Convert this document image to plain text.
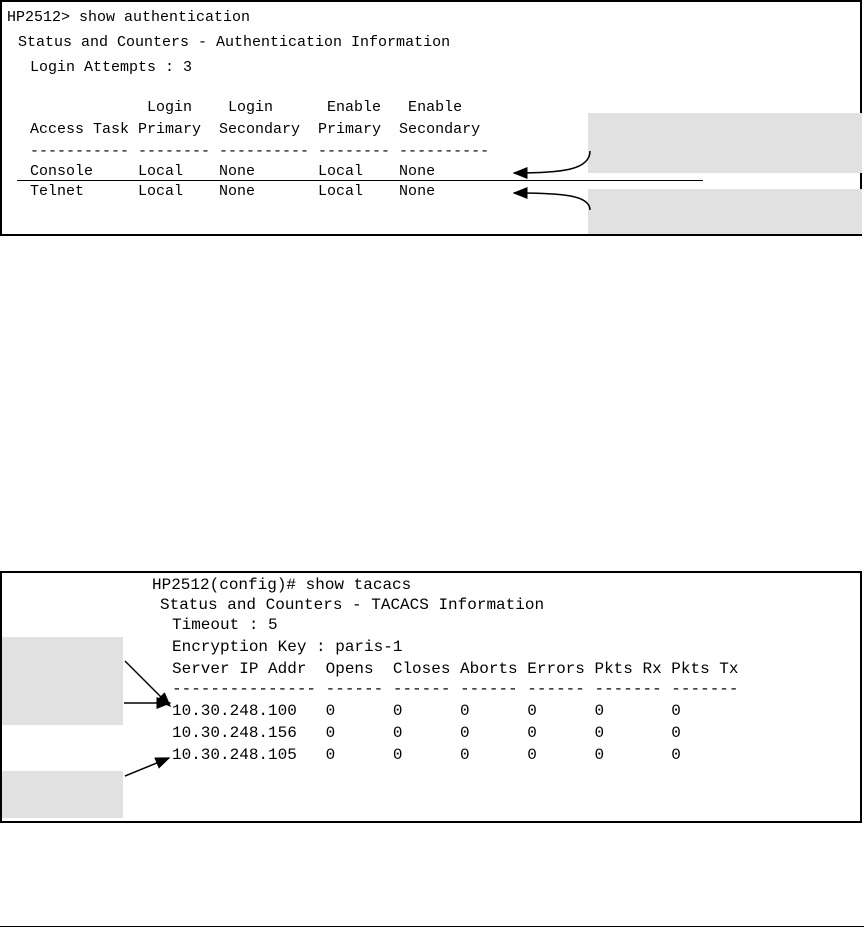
HP2512> show authentication
Status and Counters - Authentication Information
Login Attempts : 3
Login    Login      Enable   Enable
Access Task Primary  Secondary  Primary  Secondary
----------- -------- ---------- -------- ----------
Console     Local    None       Local    None
Telnet      Local    None       Local    None
HP2512(config)# show tacacs
Status and Counters - TACACS Information
Timeout : 5
Encryption Key : paris-1
Server IP Addr  Opens  Closes Aborts Errors Pkts Rx Pkts Tx
--------------- ------ ------ ------ ------ ------- -------
10.30.248.100   0      0      0      0      0       0
10.30.248.156   0      0      0      0      0       0
10.30.248.105   0      0      0      0      0       0
